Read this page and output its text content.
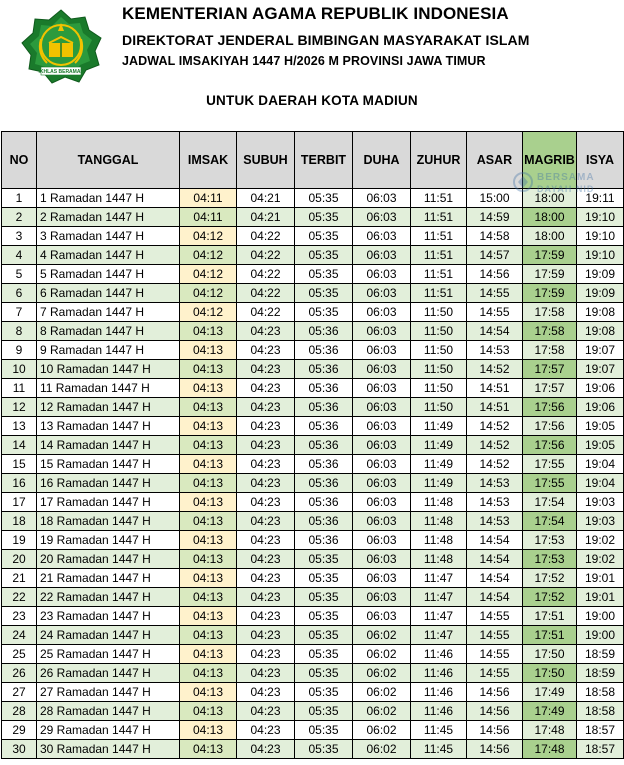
IKHLAS BERAMAL
KEMENTERIAN AGAMA REPUBLIK INDONESIA
DIREKTORAT JENDERAL BIMBINGAN MASYARAKAT ISLAM
JADWAL IMSAKIYAH 1447 H/2026 M PROVINSI JAWA TIMUR
UNTUK DAERAH KOTA MADIUN
NO	TANGGAL	IMSAK	SUBUH	TERBIT	DUHA	ZUHUR	ASAR	MAGRIB	ISYA
1	1 Ramadan 1447 H	04:11	04:21	05:35	06:03	11:51	15:00	18:00	19:11
2	2 Ramadan 1447 H	04:11	04:21	05:35	06:03	11:51	14:59	18:00	19:10
3	3 Ramadan 1447 H	04:12	04:22	05:35	06:03	11:51	14:58	18:00	19:10
4	4 Ramadan 1447 H	04:12	04:22	05:35	06:03	11:51	14:57	17:59	19:10
5	5 Ramadan 1447 H	04:12	04:22	05:35	06:03	11:51	14:56	17:59	19:09
6	6 Ramadan 1447 H	04:12	04:22	05:35	06:03	11:51	14:55	17:59	19:09
7	7 Ramadan 1447 H	04:12	04:22	05:35	06:03	11:50	14:55	17:58	19:08
8	8 Ramadan 1447 H	04:13	04:23	05:36	06:03	11:50	14:54	17:58	19:08
9	9 Ramadan 1447 H	04:13	04:23	05:36	06:03	11:50	14:53	17:58	19:07
10	10 Ramadan 1447 H	04:13	04:23	05:36	06:03	11:50	14:52	17:57	19:07
11	11 Ramadan 1447 H	04:13	04:23	05:36	06:03	11:50	14:51	17:57	19:06
12	12 Ramadan 1447 H	04:13	04:23	05:36	06:03	11:50	14:51	17:56	19:06
13	13 Ramadan 1447 H	04:13	04:23	05:36	06:03	11:49	14:52	17:56	19:05
14	14 Ramadan 1447 H	04:13	04:23	05:36	06:03	11:49	14:52	17:56	19:05
15	15 Ramadan 1447 H	04:13	04:23	05:36	06:03	11:49	14:52	17:55	19:04
16	16 Ramadan 1447 H	04:13	04:23	05:36	06:03	11:49	14:53	17:55	19:04
17	17 Ramadan 1447 H	04:13	04:23	05:36	06:03	11:48	14:53	17:54	19:03
18	18 Ramadan 1447 H	04:13	04:23	05:36	06:03	11:48	14:53	17:54	19:03
19	19 Ramadan 1447 H	04:13	04:23	05:36	06:03	11:48	14:54	17:53	19:02
20	20 Ramadan 1447 H	04:13	04:23	05:35	06:03	11:48	14:54	17:53	19:02
21	21 Ramadan 1447 H	04:13	04:23	05:35	06:03	11:47	14:54	17:52	19:01
22	22 Ramadan 1447 H	04:13	04:23	05:35	06:03	11:47	14:54	17:52	19:01
23	23 Ramadan 1447 H	04:13	04:23	05:35	06:03	11:47	14:55	17:51	19:00
24	24 Ramadan 1447 H	04:13	04:23	05:35	06:02	11:47	14:55	17:51	19:00
25	25 Ramadan 1447 H	04:13	04:23	05:35	06:02	11:46	14:55	17:50	18:59
26	26 Ramadan 1447 H	04:13	04:23	05:35	06:02	11:46	14:55	17:50	18:59
27	27 Ramadan 1447 H	04:13	04:23	05:35	06:02	11:46	14:56	17:49	18:58
28	28 Ramadan 1447 H	04:13	04:23	05:35	06:02	11:46	14:56	17:49	18:58
29	29 Ramadan 1447 H	04:13	04:23	05:35	06:02	11:45	14:56	17:48	18:57
30	30 Ramadan 1447 H	04:13	04:23	05:35	06:02	11:45	14:56	17:48	18:57
BERSAMA
DAYAH NID
